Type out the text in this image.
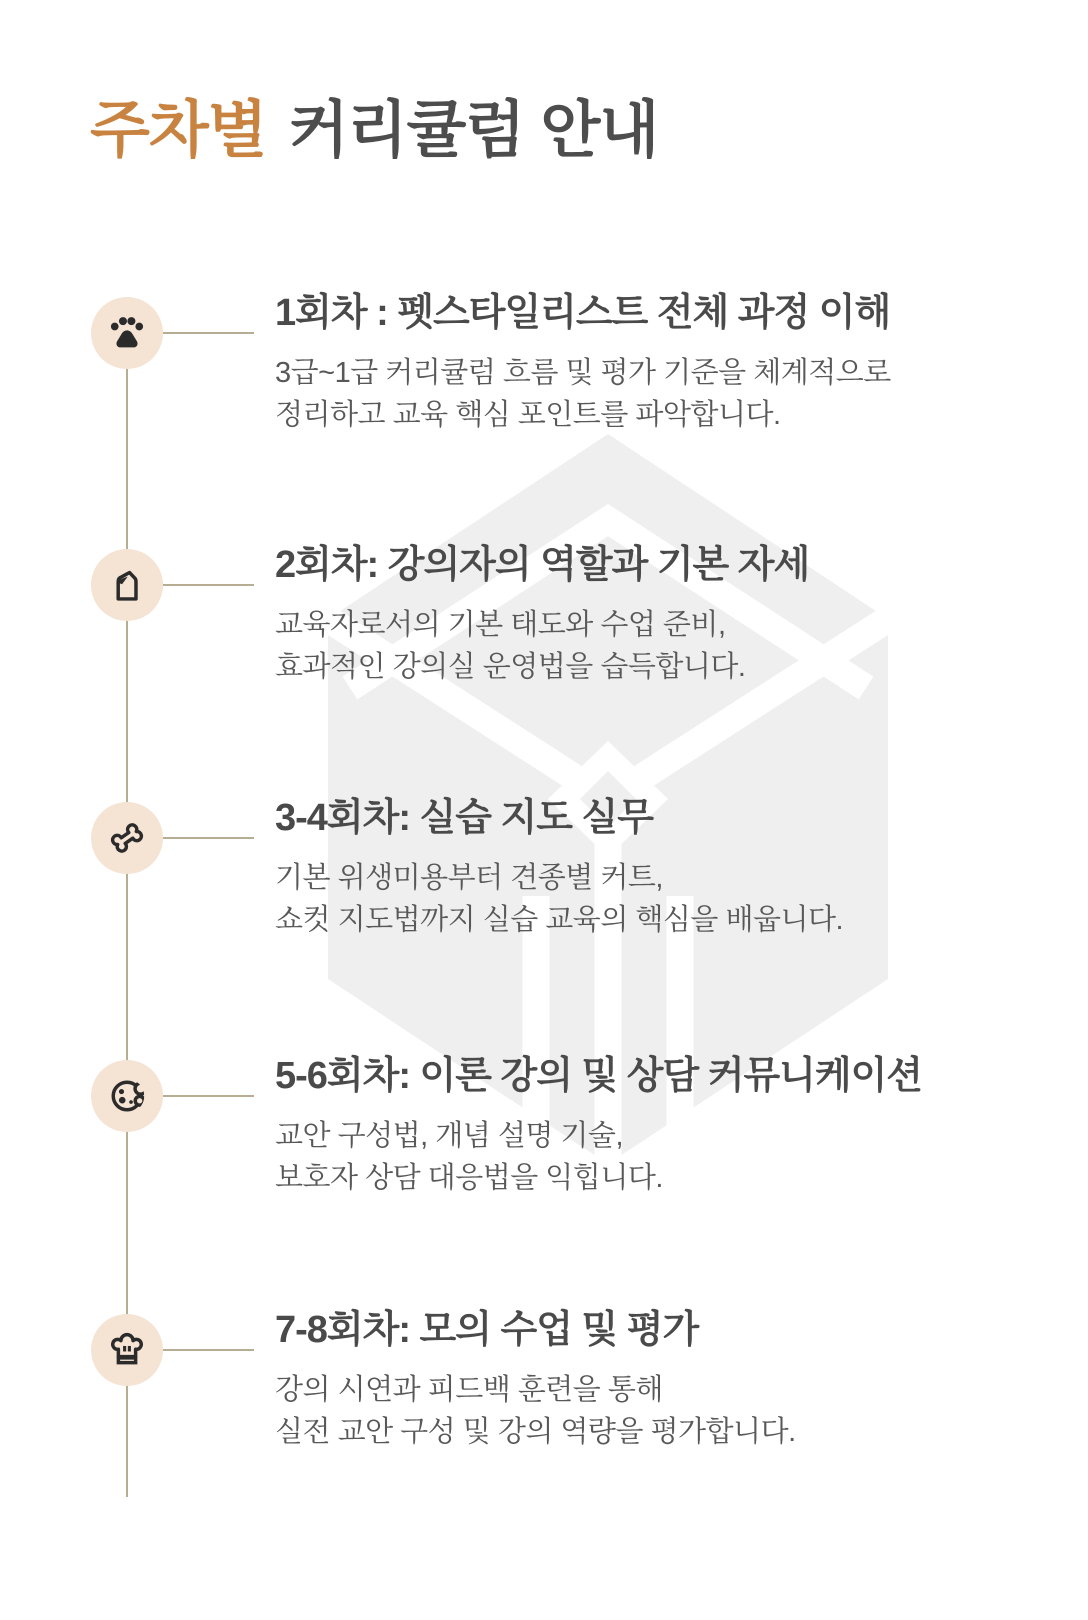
주차별 커리큘럼 안내
1회차 : 펫스타일리스트 전체 과정 이해
3급~1급 커리큘럼 흐름 및 평가 기준을 체계적으로
정리하고 교육 핵심 포인트를 파악합니다.
2회차: 강의자의 역할과 기본 자세
교육자로서의 기본 태도와 수업 준비,
효과적인 강의실 운영법을 습득합니다.
3-4회차: 실습 지도 실무
기본 위생미용부터 견종별 커트,
쇼컷 지도법까지 실습 교육의 핵심을 배웁니다.
5-6회차: 이론 강의 및 상담 커뮤니케이션
교안 구성법, 개념 설명 기술,
보호자 상담 대응법을 익힙니다.
7-8회차: 모의 수업 및 평가
강의 시연과 피드백 훈련을 통해
실전 교안 구성 및 강의 역량을 평가합니다.
